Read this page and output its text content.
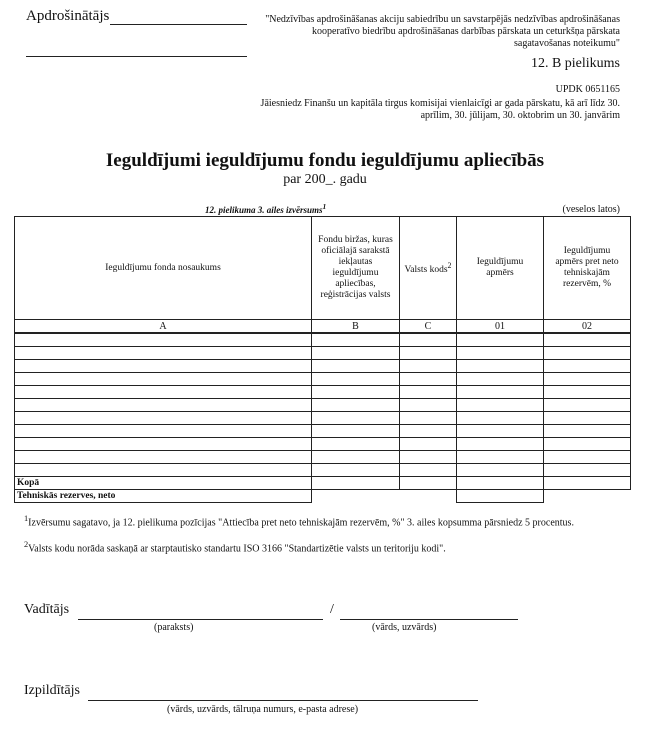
Apdrošinātājs	"Nedzīvības apdrošināšanas akciju sabiedrību un savstarpējās nedzīvības apdrošināšanas kooperatīvo biedrību apdrošināšanas darbības pārskata un ceturkšņa pārskata sagatavošanas noteikumu"
12. B pielikums
UPDK 0651165
Jāiesniedz Finanšu un kapitāla tirgus komisijai vienlaicīgi ar gada pārskatu, kā arī līdz 30. aprīlim, 30. jūlijam, 30. oktobrim un 30. janvārim
Ieguldījumi ieguldījumu fondu ieguldījumu apliecībās
par 200_. gadu
12. pielikuma 3. ailes izvērsums$^1$	(veselos latos)
Ieguldījumu fonda nosaukums	Fondu biržas, kuras oficiālajā sarakstā iekļautas ieguldījumu apliecības, reģistrācijas valsts	Valsts kods$^2$	Ieguldījumu apmērs	Ieguldījumu apmērs pret neto tehniskajām rezervēm, %
A	B	C	01	02

Kopā				
Tehniskās rezerves, neto				
$^1$Izvērsumu sagatavo, ja 12. pielikuma pozīcijas "Attiecība pret neto tehniskajām rezervēm, %" 3. ailes kopsumma pārsniedz 5 procentus.
$^2$Valsts kodu norāda saskaņā ar starptautisko standartu ISO 3166 "Standartizētie valsts un teritoriju kodi".
Vadītājs	/
(paraksts)	(vārds, uzvārds)
Izpildītājs
(vārds, uzvārds, tālruņa numurs, e-pasta adrese)
